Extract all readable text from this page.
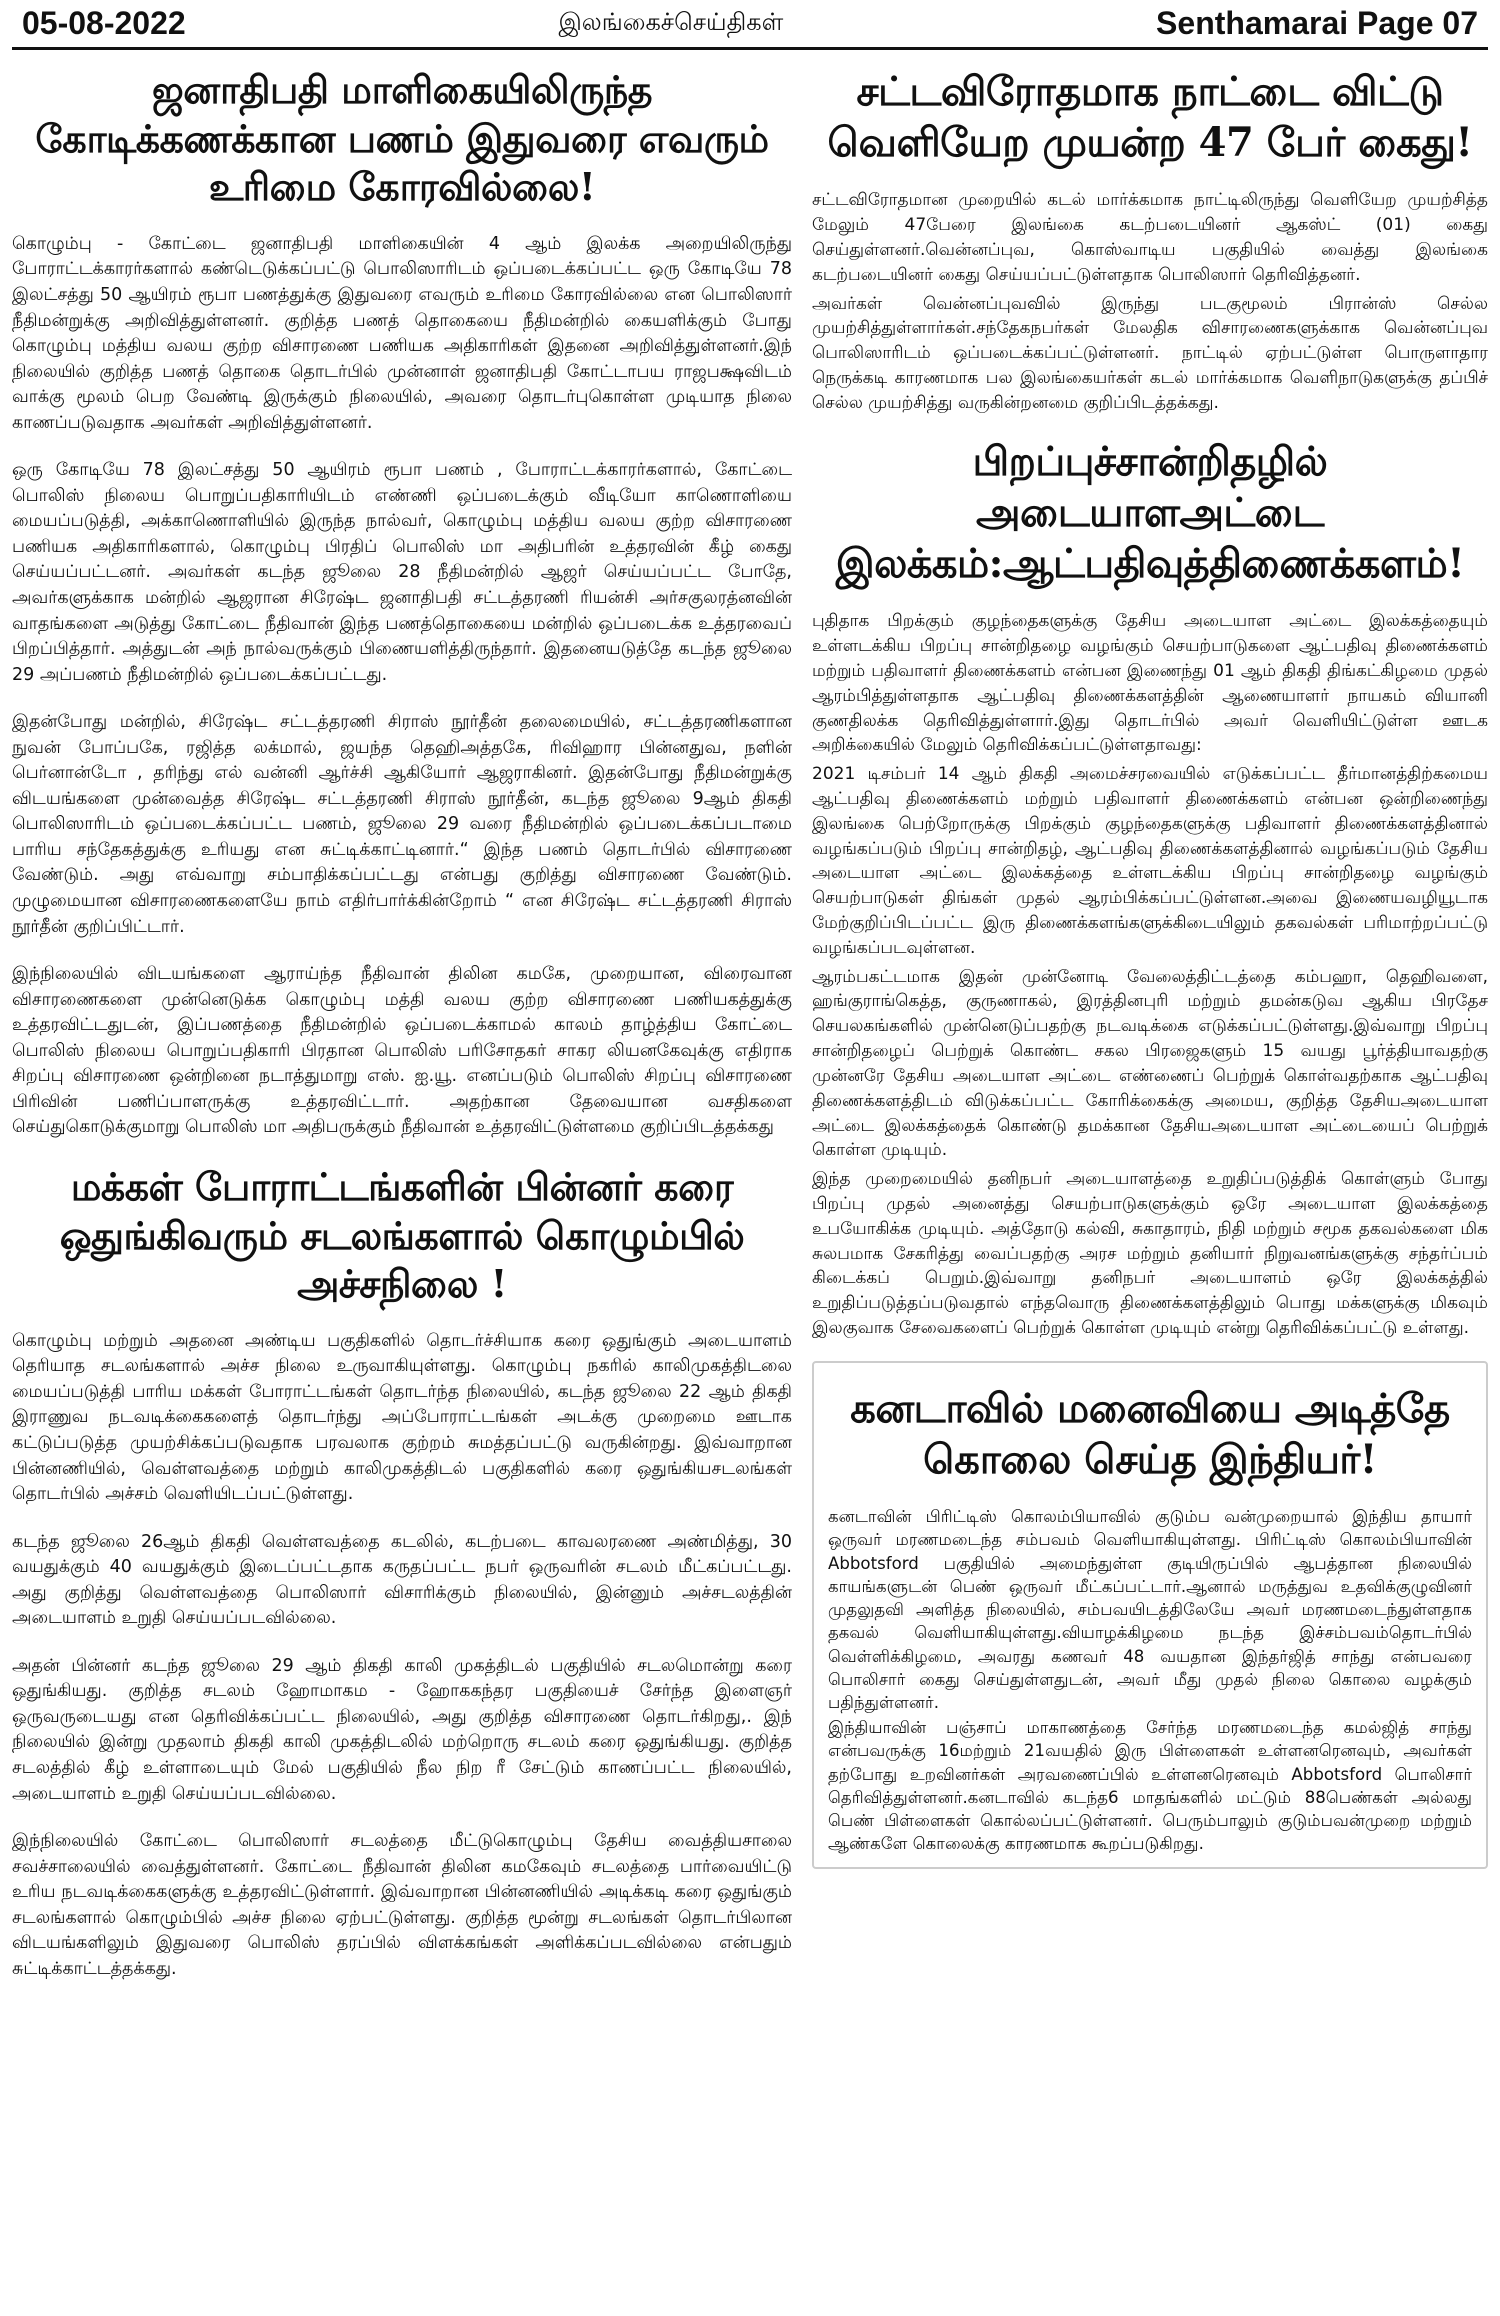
05-08-2022	இலங்கைச்செய்திகள்	Senthamarai Page 07
ஜனாதிபதி மாளிகையிலிருந்த கோடிக்கணக்கான பணம் இதுவரை எவரும் உரிமை கோரவில்லை!

கொழும்பு - கோட்டை ஜனாதிபதி மாளிகையின் 4 ஆம் இலக்க அறையிலிருந்து போராட்டக்காரர்களால் கண்டெடுக்கப்பட்டு பொலிஸாரிடம் ஒப்படைக்கப்பட்ட ஒரு கோடியே 78 இலட்சத்து 50 ஆயிரம் ரூபா பணத்துக்கு இதுவரை எவரும் உரிமை கோரவில்லை என பொலிஸார் நீதிமன்றுக்கு அறிவித்துள்ளனர். குறித்த பணத் தொகையை நீதிமன்றில் கையளிக்கும் போது கொழும்பு மத்திய வலய குற்ற விசாரணை பணியக அதிகாரிகள் இதனை அறிவித்துள்ளனர்.இந் நிலையில் குறித்த பணத் தொகை தொடர்பில் முன்னாள் ஜனாதிபதி கோட்டாபய ராஜபக்ஷவிடம் வாக்கு மூலம் பெற வேண்டி இருக்கும் நிலையில், அவரை தொடர்புகொள்ள முடியாத நிலை காணப்படுவதாக அவர்கள் அறிவித்துள்ளனர்.

ஒரு கோடியே 78 இலட்சத்து 50 ஆயிரம் ரூபா பணம் , போராட்டக்காரர்களால், கோட்டை பொலிஸ் நிலைய பொறுப்பதிகாரியிடம் எண்ணி ஒப்படைக்கும் வீடியோ காணொளியை மையப்படுத்தி, அக்காணொளியில் இருந்த நால்வர், கொழும்பு மத்திய வலய குற்ற விசாரணை பணியக அதிகாரிகளால், கொழும்பு பிரதிப் பொலிஸ் மா அதிபரின் உத்தரவின் கீழ் கைது செய்யப்பட்டனர். அவர்கள் கடந்த ஜூலை 28 நீதிமன்றில் ஆஜர் செய்யப்பட்ட போதே, அவர்களுக்காக மன்றில் ஆஜரான சிரேஷ்ட ஜனாதிபதி சட்டத்தரணி ரியன்சி அர்சகுலரத்னவின் வாதங்களை அடுத்து கோட்டை நீதிவான் இந்த பணத்தொகையை மன்றில் ஒப்படைக்க உத்தரவைப் பிறப்பித்தார். அத்துடன் அந் நால்வருக்கும் பிணையளித்திருந்தார். இதனையடுத்தே கடந்த ஜூலை 29 அப்பணம் நீதிமன்றில் ஒப்படைக்கப்பட்டது.

இதன்போது மன்றில், சிரேஷ்ட சட்டத்தரணி சிராஸ் நூர்தீன் தலைமையில், சட்டத்தரணிகளான நுவன் போப்பகே, ரஜித்த லக்மால், ஜயந்த தெஹிஅத்தகே, ரிவிஹார பின்னதுவ, நளின் பெர்னான்டோ , தரிந்து எல் வன்னி ஆர்ச்சி ஆகியோர் ஆஜராகினர். இதன்போது நீதிமன்றுக்கு விடயங்களை முன்வைத்த சிரேஷ்ட சட்டத்தரணி சிராஸ் நூர்தீன், கடந்த ஜூலை 9ஆம் திகதி பொலிஸாரிடம் ஒப்படைக்கப்பட்ட பணம், ஜூலை 29 வரை நீதிமன்றில் ஒப்படைக்கப்படாமை பாரிய சந்தேகத்துக்கு உரியது என சுட்டிக்காட்டினார்.“ இந்த பணம் தொடர்பில் விசாரணை வேண்டும். அது எவ்வாறு சம்பாதிக்கப்பட்டது என்பது குறித்து விசாரணை வேண்டும். முழுமையான விசாரணைகளையே நாம் எதிர்பார்க்கின்றோம் “ என சிரேஷ்ட சட்டத்தரணி சிராஸ் நூர்தீன் குறிப்பிட்டார்.

இந்நிலையில் விடயங்களை ஆராய்ந்த நீதிவான் திலின கமகே, முறையான, விரைவான விசாரணைகளை முன்னெடுக்க கொழும்பு மத்தி வலய குற்ற விசாரணை பணியகத்துக்கு உத்தரவிட்டதுடன், இப்பணத்தை நீதிமன்றில் ஒப்படைக்காமல் காலம் தாழ்த்திய கோட்டை பொலிஸ் நிலைய பொறுப்பதிகாரி பிரதான பொலிஸ் பரிசோதகர் சாகர லியனகேவுக்கு எதிராக சிறப்பு விசாரணை ஒன்றினை நடாத்துமாறு எஸ். ஐ.யூ. எனப்படும் பொலிஸ் சிறப்பு விசாரணை பிரிவின் பணிப்பாளருக்கு உத்தரவிட்டார். அதற்கான தேவையான வசதிகளை செய்துகொடுக்குமாறு பொலிஸ் மா அதிபருக்கும் நீதிவான் உத்தரவிட்டுள்ளமை குறிப்பிடத்தக்கது

மக்கள் போராட்டங்களின் பின்னர் கரை ஒதுங்கிவரும் சடலங்களால் கொழும்பில் அச்சநிலை !

கொழும்பு மற்றும் அதனை அண்டிய பகுதிகளில் தொடர்ச்சியாக கரை ஒதுங்கும் அடையாளம் தெரியாத சடலங்களால் அச்ச நிலை உருவாகியுள்ளது. கொழும்பு நகரில் காலிமுகத்திடலை மையப்படுத்தி பாரிய மக்கள் போராட்டங்கள் தொடர்ந்த நிலையில், கடந்த ஜூலை 22 ஆம் திகதி இராணுவ நடவடிக்கைகளைத் தொடர்ந்து அப்போராட்டங்கள் அடக்கு முறைமை ஊடாக கட்டுப்படுத்த முயற்சிக்கப்படுவதாக பரவலாக குற்றம் சுமத்தப்பட்டு வருகின்றது. இவ்வாறான பின்னணியில், வெள்ளவத்தை மற்றும் காலிமுகத்திடல் பகுதிகளில் கரை ஒதுங்கியசடலங்கள் தொடர்பில் அச்சம் வெளியிடப்பட்டுள்ளது.

கடந்த ஜூலை 26ஆம் திகதி வெள்ளவத்தை கடலில், கடற்படை காவலரணை அண்மித்து, 30 வயதுக்கும் 40 வயதுக்கும் இடைப்பட்டதாக கருதப்பட்ட நபர் ஒருவரின் சடலம் மீட்கப்பட்டது. அது குறித்து வெள்ளவத்தை பொலிஸார் விசாரிக்கும் நிலையில், இன்னும் அச்சடலத்தின் அடையாளம் உறுதி செய்யப்படவில்லை.

அதன் பின்னர் கடந்த ஜூலை 29 ஆம் திகதி காலி முகத்திடல் பகுதியில் சடலமொன்று கரை ஒதுங்கியது. குறித்த சடலம் ஹோமாகம - ஹோககந்தர பகுதியைச் சேர்ந்த இளைஞர் ஒருவருடையது என தெரிவிக்கப்பட்ட நிலையில், அது குறித்த விசாரணை தொடர்கிறது,. இந் நிலையில் இன்று முதலாம் திகதி காலி முகத்திடலில் மற்றொரு சடலம் கரை ஒதுங்கியது. குறித்த சடலத்தில் கீழ் உள்ளாடையும் மேல் பகுதியில் நீல நிற ரீ சேட்டும் காணப்பட்ட நிலையில், அடையாளம் உறுதி செய்யப்படவில்லை.

இந்நிலையில் கோட்டை பொலிஸார் சடலத்தை மீட்டுகொழும்பு தேசிய வைத்தியசாலை சவச்சாலையில் வைத்துள்ளனர். கோட்டை நீதிவான் திலின கமகேவும் சடலத்தை பார்வையிட்டு உரிய நடவடிக்கைகளுக்கு உத்தரவிட்டுள்ளார். இவ்வாறான பின்னணியில் அடிக்கடி கரை ஒதுங்கும் சடலங்களால் கொழும்பில் அச்ச நிலை ஏற்பட்டுள்ளது. குறித்த மூன்று சடலங்கள் தொடர்பிலான விடயங்களிலும் இதுவரை பொலிஸ் தரப்பில் விளக்கங்கள் அளிக்கப்படவில்லை என்பதும் சுட்டிக்காட்டத்தக்கது.

சட்டவிரோதமாக நாட்டை விட்டு வெளியேற முயன்ற 47 பேர் கைது!

சட்டவிரோதமான முறையில் கடல் மார்க்கமாக நாட்டிலிருந்து வெளியேற முயற்சித்த மேலும் 47பேரை இலங்கை கடற்படையினர் ஆகஸ்ட் (01) கைது செய்துள்ளனர்.வென்னப்புவ, கொஸ்வாடிய பகுதியில் வைத்து இலங்கை கடற்படையினர் கைது செய்யப்பட்டுள்ளதாக பொலிஸார் தெரிவித்தனர்.

அவர்கள் வென்னப்புவவில் இருந்து படகுமூலம் பிரான்ஸ் செல்ல முயற்சித்துள்ளார்கள்.சந்தேகநபர்கள் மேலதிக விசாரணைகளுக்காக வென்னப்புவ பொலிஸாரிடம் ஒப்படைக்கப்பட்டுள்ளனர். நாட்டில் ஏற்பட்டுள்ள பொருளாதார நெருக்கடி காரணமாக பல இலங்கையர்கள் கடல் மார்க்கமாக வெளிநாடுகளுக்கு தப்பிச் செல்ல முயற்சித்து வருகின்றனமை குறிப்பிடத்தக்கது.

பிறப்புச்சான்றிதழில் அடையாளஅட்டை இலக்கம்:ஆட்பதிவுத்திணைக்களம்!

புதிதாக பிறக்கும் குழந்தைகளுக்கு தேசிய அடையாள அட்டை இலக்கத்தையும் உள்ளடக்கிய பிறப்பு சான்றிதழை வழங்கும் செயற்பாடுகளை ஆட்பதிவு திணைக்களம் மற்றும் பதிவாளர் திணைக்களம் என்பன இணைந்து 01 ஆம் திகதி திங்கட்கிழமை முதல் ஆரம்பித்துள்ளதாக ஆட்பதிவு திணைக்களத்தின் ஆணையாளர் நாயகம் வியானி குணதிலக்க தெரிவித்துள்ளார்.இது தொடர்பில் அவர் வெளியிட்டுள்ள ஊடக அறிக்கையில் மேலும் தெரிவிக்கப்பட்டுள்ளதாவது:

2021 டிசம்பர் 14 ஆம் திகதி அமைச்சரவையில் எடுக்கப்பட்ட தீர்மானத்திற்கமைய ஆட்பதிவு திணைக்களம் மற்றும் பதிவாளர் திணைக்களம் என்பன ஒன்றிணைந்து இலங்கை பெற்றோருக்கு பிறக்கும் குழந்தைகளுக்கு பதிவாளர் திணைக்களத்தினால் வழங்கப்படும் பிறப்பு சான்றிதழ், ஆட்பதிவு திணைக்களத்தினால் வழங்கப்படும் தேசிய அடையாள அட்டை இலக்கத்தை உள்ளடக்கிய பிறப்பு சான்றிதழை வழங்கும் செயற்பாடுகள் திங்கள் முதல் ஆரம்பிக்கப்பட்டுள்ளன.அவை இணையவழியூடாக மேற்குறிப்பிடப்பட்ட இரு திணைக்களங்களுக்கிடையிலும் தகவல்கள் பரிமாற்றப்பட்டு வழங்கப்படவுள்ளன.

ஆரம்பகட்டமாக இதன் முன்னோடி வேலைத்திட்டத்தை கம்பஹா, தெஹிவளை, ஹங்குராங்கெத்த, குருணாகல், இரத்தினபுரி மற்றும் தமன்கடுவ ஆகிய பிரதேச செயலகங்களில் முன்னெடுப்பதற்கு நடவடிக்கை எடுக்கப்பட்டுள்ளது.இவ்வாறு பிறப்பு சான்றிதழைப் பெற்றுக் கொண்ட சகல பிரஜைகளும் 15 வயது பூர்த்தியாவதற்கு முன்னரே தேசிய அடையாள அட்டை எண்ணைப் பெற்றுக் கொள்வதற்காக ஆட்பதிவு திணைக்களத்திடம் விடுக்கப்பட்ட கோரிக்கைக்கு அமைய, குறித்த தேசியஅடையாள அட்டை இலக்கத்தைக் கொண்டு தமக்கான தேசியஅடையாள அட்டையைப் பெற்றுக் கொள்ள முடியும்.

இந்த முறைமையில் தனிநபர் அடையாளத்தை உறுதிப்படுத்திக் கொள்ளும் போது பிறப்பு முதல் அனைத்து செயற்பாடுகளுக்கும் ஒரே அடையாள இலக்கத்தை உபயோகிக்க முடியும். அத்தோடு கல்வி, சுகாதாரம், நிதி மற்றும் சமூக தகவல்களை மிக சுலபமாக சேகரித்து வைப்பதற்கு அரச மற்றும் தனியார் நிறுவனங்களுக்கு சந்தர்ப்பம் கிடைக்கப் பெறும்.இவ்வாறு தனிநபர் அடையாளம் ஒரே இலக்கத்தில் உறுதிப்படுத்தப்படுவதால் எந்தவொரு திணைக்களத்திலும் பொது மக்களுக்கு மிகவும் இலகுவாக சேவைகளைப் பெற்றுக் கொள்ள முடியும் என்று தெரிவிக்கப்பட்டு உள்ளது.

கனடாவில் மனைவியை அடித்தே கொலை செய்த இந்தியர்!

கனடாவின் பிரிட்டிஸ் கொலம்பியாவில் குடும்ப வன்முறையால் இந்திய தாயார் ஒருவர் மரணமடைந்த சம்பவம் வெளியாகியுள்ளது. பிரிட்டிஸ் கொலம்பியாவின் Abbotsford பகுதியில் அமைந்துள்ள குடியிருப்பில் ஆபத்தான நிலையில் காயங்களுடன் பெண் ஒருவர் மீட்கப்பட்டார்.ஆனால் மருத்துவ உதவிக்குழுவினர் முதலுதவி அளித்த நிலையில், சம்பவயிடத்திலேயே அவர் மரணமடைந்துள்ளதாக தகவல் வெளியாகியுள்ளது.வியாழக்கிழமை நடந்த இச்சம்பவம்தொடர்பில் வெள்ளிக்கிழமை, அவரது கணவர் 48 வயதான இந்தர்ஜித் சாந்து என்பவரை பொலிசார் கைது செய்துள்ளதுடன், அவர் மீது முதல் நிலை கொலை வழக்கும் பதிந்துள்ளனர்.

இந்தியாவின் பஞ்சாப் மாகாணத்தை சேர்ந்த மரணமடைந்த கமல்ஜித் சாந்து என்பவருக்கு 16மற்றும் 21வயதில் இரு பிள்ளைகள் உள்ளனரெனவும், அவர்கள் தற்போது உறவினர்கள் அரவணைப்பில் உள்ளனரெனவும் Abbotsford பொலிசார் தெரிவித்துள்ளனர்.கனடாவில் கடந்த6 மாதங்களில் மட்டும் 88பெண்கள் அல்லது பெண் பிள்ளைகள் கொல்லப்பட்டுள்ளனர். பெரும்பாலும் குடும்பவன்முறை மற்றும் ஆண்களே கொலைக்கு காரணமாக கூறப்படுகிறது.
